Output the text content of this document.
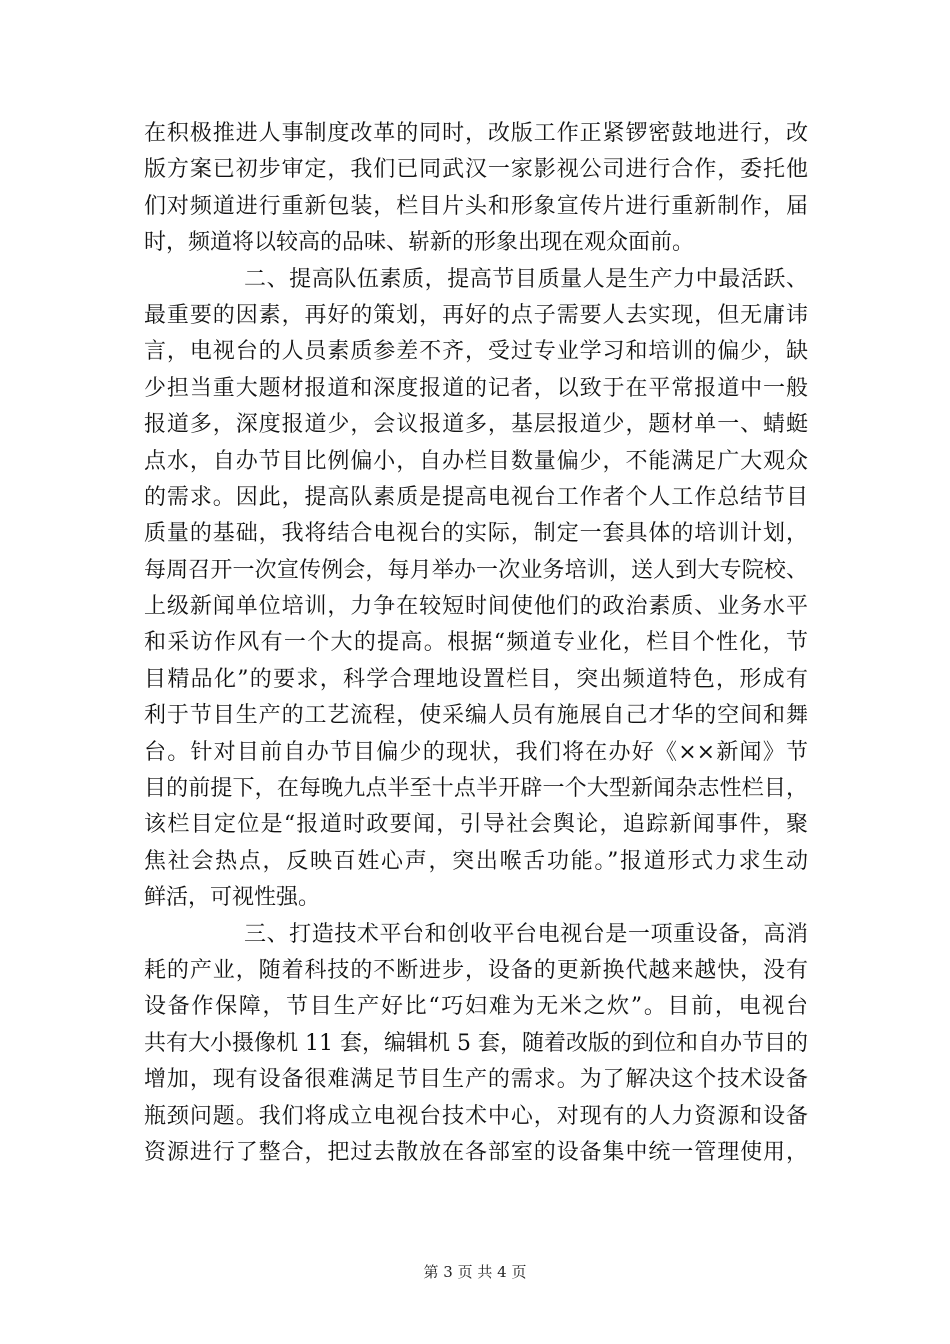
在积极推进人事制度改革的同时，改版工作正紧锣密鼓地进行，改
版方案已初步审定，我们已同武汉一家影视公司进行合作，委托他
们对频道进行重新包装，栏目片头和形象宣传片进行重新制作，届
时，频道将以较高的品味、崭新的形象出现在观众面前。
二、提高队伍素质，提高节目质量人是生产力中最活跃、
最重要的因素，再好的策划，再好的点子需要人去实现，但无庸讳
言，电视台的人员素质参差不齐，受过专业学习和培训的偏少，缺
少担当重大题材报道和深度报道的记者，以致于在平常报道中一般
报道多，深度报道少，会议报道多，基层报道少，题材单一、蜻蜓
点水，自办节目比例偏小，自办栏目数量偏少，不能满足广大观众
的需求。因此，提高队素质是提高电视台工作者个人工作总结节目
质量的基础，我将结合电视台的实际，制定一套具体的培训计划，
每周召开一次宣传例会，每月举办一次业务培训，送人到大专院校、
上级新闻单位培训，力争在较短时间使他们的政治素质、业务水平
和采访作风有一个大的提高。根据“频道专业化，栏目个性化，节
目精品化”的要求，科学合理地设置栏目，突出频道特色，形成有
利于节目生产的工艺流程，使采编人员有施展自己才华的空间和舞
台。针对目前自办节目偏少的现状，我们将在办好《××新闻》节
目的前提下，在每晚九点半至十点半开辟一个大型新闻杂志性栏目，
该栏目定位是“报道时政要闻，引导社会舆论，追踪新闻事件，聚
焦社会热点，反映百姓心声，突出喉舌功能。”报道形式力求生动
鲜活，可视性强。
三、打造技术平台和创收平台电视台是一项重设备，高消
耗的产业，随着科技的不断进步，设备的更新换代越来越快，没有
设备作保障，节目生产好比“巧妇难为无米之炊”。目前，电视台
共有大小摄像机 11 套，编辑机 5 套，随着改版的到位和自办节目的
增加，现有设备很难满足节目生产的需求。为了解决这个技术设备
瓶颈问题。我们将成立电视台技术中心，对现有的人力资源和设备
资源进行了整合，把过去散放在各部室的设备集中统一管理使用，
第 3 页 共 4 页
